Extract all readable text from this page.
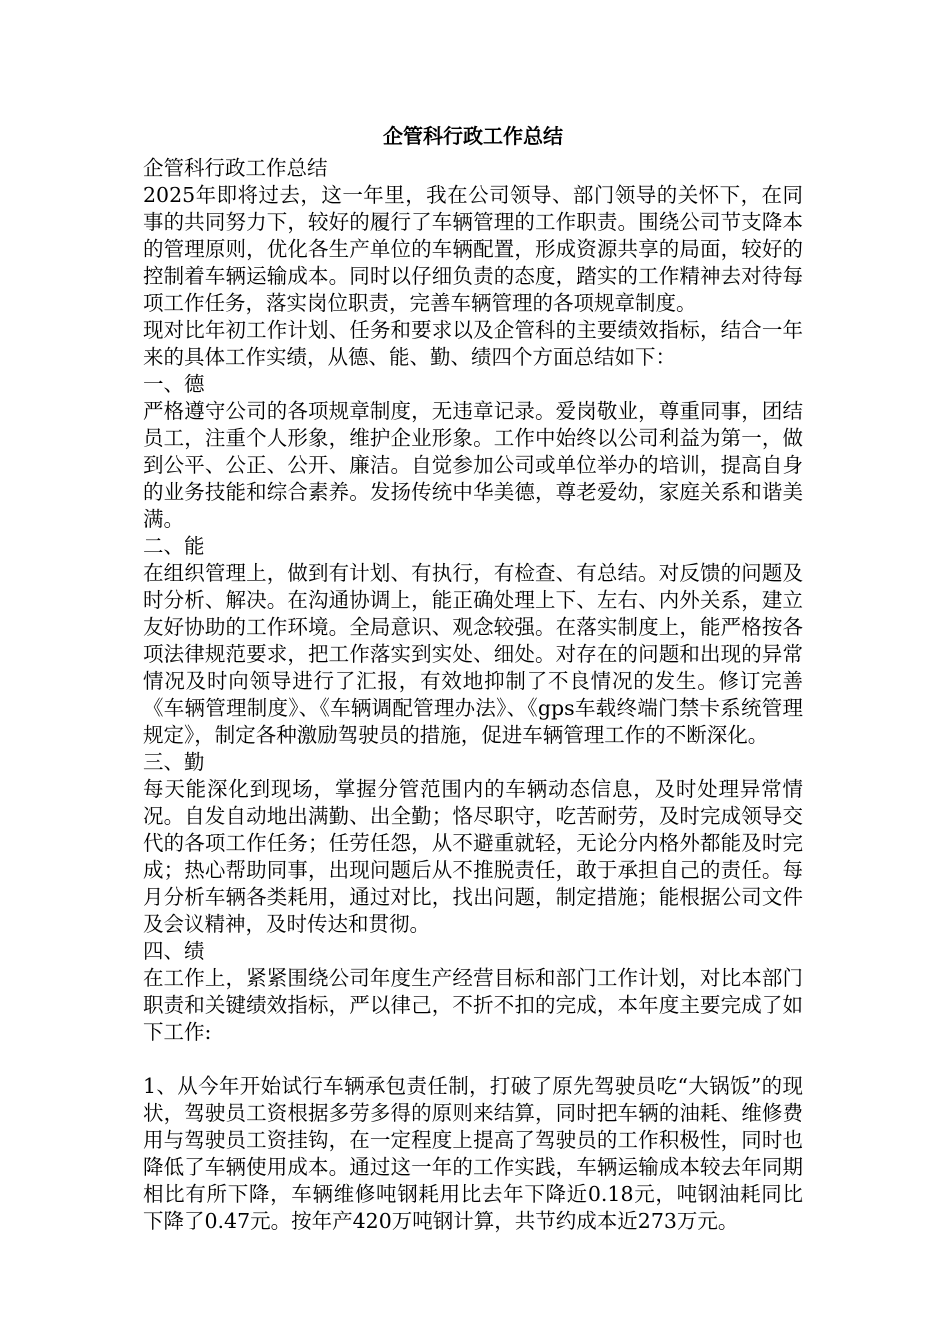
企管科行政工作总结

企管科行政工作总结

2025年即将过去，这一年里，我在公司领导、部门领导的关怀下，在同事的共同努力下，较好的履行了车辆管理的工作职责。围绕公司节支降本的管理原则，优化各生产单位的车辆配置，形成资源共享的局面，较好的控制着车辆运输成本。同时以仔细负责的态度，踏实的工作精神去对待每项工作任务，落实岗位职责，完善车辆管理的各项规章制度。

现对比年初工作计划、任务和要求以及企管科的主要绩效指标，结合一年来的具体工作实绩，从德、能、勤、绩四个方面总结如下：

一、德

严格遵守公司的各项规章制度，无违章记录。爱岗敬业，尊重同事，团结员工，注重个人形象，维护企业形象。工作中始终以公司利益为第一，做到公平、公正、公开、廉洁。自觉参加公司或单位举办的培训，提高自身的业务技能和综合素养。发扬传统中华美德，尊老爱幼，家庭关系和谐美满。

二、能

在组织管理上，做到有计划、有执行，有检查、有总结。对反馈的问题及时分析、解决。在沟通协调上，能正确处理上下、左右、内外关系，建立友好协助的工作环境。全局意识、观念较强。在落实制度上，能严格按各项法律规范要求，把工作落实到实处、细处。对存在的问题和出现的异常情况及时向领导进行了汇报，有效地抑制了不良情况的发生。修订完善《车辆管理制度》、《车辆调配管理办法》、《gps车载终端门禁卡系统管理规定》，制定各种激励驾驶员的措施，促进车辆管理工作的不断深化。

三、勤

每天能深化到现场，掌握分管范围内的车辆动态信息，及时处理异常情况。自发自动地出满勤、出全勤；恪尽职守，吃苦耐劳，及时完成领导交代的各项工作任务；任劳任怨，从不避重就轻，无论分内格外都能及时完成；热心帮助同事，出现问题后从不推脱责任，敢于承担自己的责任。每月分析车辆各类耗用，通过对比，找出问题，制定措施；能根据公司文件及会议精神，及时传达和贯彻。

四、绩

在工作上，紧紧围绕公司年度生产经营目标和部门工作计划，对比本部门职责和关键绩效指标，严以律己，不折不扣的完成，本年度主要完成了如下工作:

1、从今年开始试行车辆承包责任制，打破了原先驾驶员吃“大锅饭”的现状，驾驶员工资根据多劳多得的原则来结算，同时把车辆的油耗、维修费用与驾驶员工资挂钩，在一定程度上提高了驾驶员的工作积极性，同时也降低了车辆使用成本。通过这一年的工作实践，车辆运输成本较去年同期相比有所下降，车辆维修吨钢耗用比去年下降近0.18元，吨钢油耗同比下降了0.47元。按年产420万吨钢计算，共节约成本近273万元。
